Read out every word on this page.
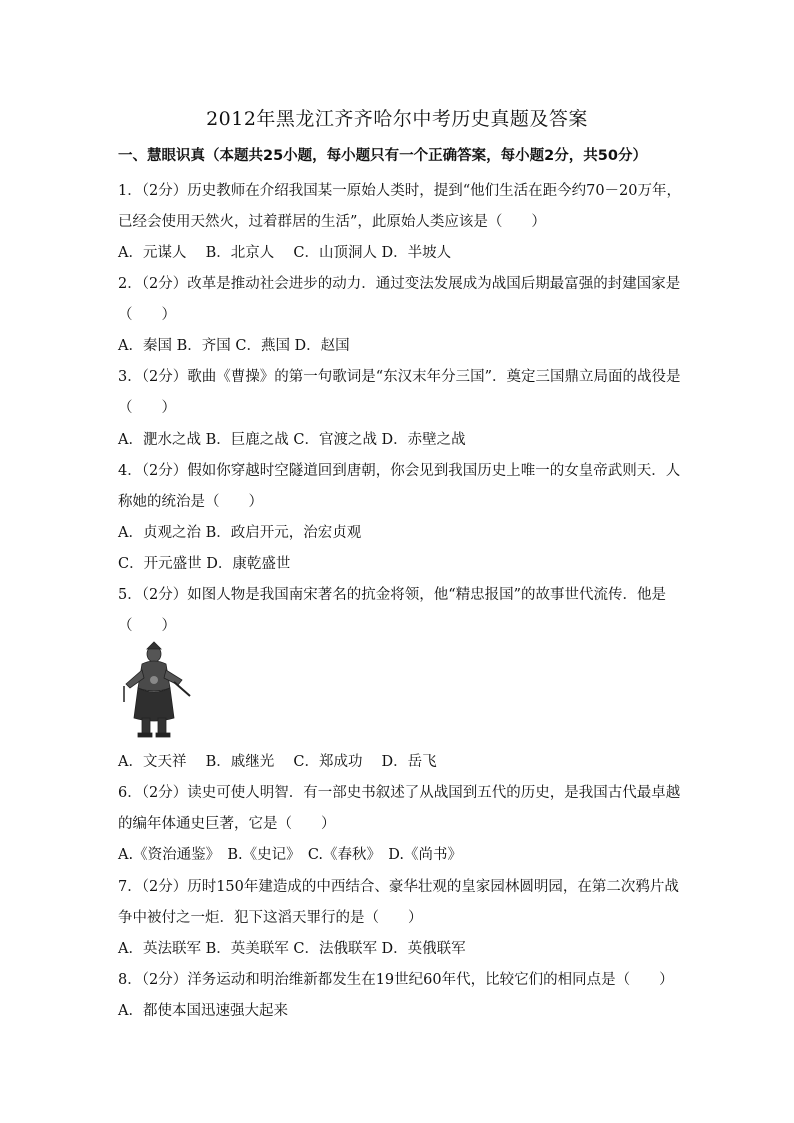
2012年黑龙江齐齐哈尔中考历史真题及答案
一、慧眼识真（本题共25小题，每小题只有一个正确答案，每小题2分，共50分）
1．（2分）历史教师在介绍我国某一原始人类时，提到“他们生活在距今约70－20万年，
已经会使用天然火，过着群居的生活”，此原始人类应该是（　　）
A．元谋人　 B．北京人　 C．山顶洞人 D．半坡人
2．（2分）改革是推动社会进步的动力．通过变法发展成为战国后期最富强的封建国家是
（　　）
A．秦国 B．齐国 C．燕国 D．赵国
3．（2分）歌曲《曹操》的第一句歌词是“东汉末年分三国”．奠定三国鼎立局面的战役是
（　　）
A．淝水之战 B．巨鹿之战 C．官渡之战 D．赤壁之战
4．（2分）假如你穿越时空隧道回到唐朝，你会见到我国历史上唯一的女皇帝武则天．人
称她的统治是（　　）
A．贞观之治 B．政启开元，治宏贞观
C．开元盛世 D．康乾盛世
5．（2分）如图人物是我国南宋著名的抗金将领，他“精忠报国”的故事世代流传．他是
（　　）
A．文天祥　 B．戚继光　 C．郑成功　 D．岳飞
6．（2分）读史可使人明智．有一部史书叙述了从战国到五代的历史，是我国古代最卓越
的编年体通史巨著，它是（　　）
A.《资治通鉴》　B.《史记》　C.《春秋》　D.《尚书》
7．（2分）历时150年建造成的中西结合、豪华壮观的皇家园林圆明园，在第二次鸦片战
争中被付之一炬．犯下这滔天罪行的是（　　）
A．英法联军 B．英美联军 C．法俄联军 D．英俄联军
8．（2分）洋务运动和明治维新都发生在19世纪60年代，比较它们的相同点是（　　）
A．都使本国迅速强大起来
